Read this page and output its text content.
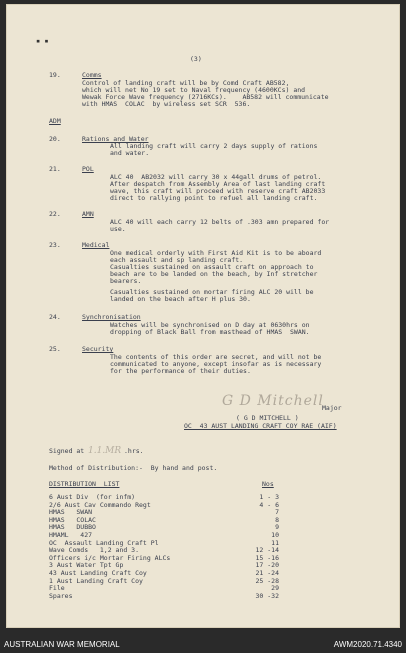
▪ ▪
(3)
19.	Comms
Control of landing craft will be by Comd Craft AB582,
which will net No 19 set to Naval frequency (4600KCs) and
Wewak Force Wave frequency (2716KCs).    AB582 will communicate
with HMAS  COLAC  by wireless set SCR  536.
ADM
20.	Rations and Water
All landing craft will carry 2 days supply of rations
and water.
21.	POL
ALC 40  AB2032 will carry 30 x 44gall drums of petrol.
After despatch from Assembly Area of last landing craft
wave, this craft will proceed with reserve craft AB2033
direct to rallying point to refuel all landing craft.
22.	AMN
ALC 40 will each carry 12 belts of .303 amn prepared for
use.
23.	Medical
One medical orderly with First Aid Kit is to be aboard
each assault and sp landing craft.
Casualties sustained on assault craft on approach to
beach are to be landed on the beach, by Inf stretcher
bearers.
Casualties sustained on mortar firing ALC 20 will be
landed on the beach after H plus 30.
24.	Synchronisation
Watches will be synchronised on D day at 0630hrs on
dropping of Black Ball from masthead of HMAS  SWAN.
25.	Security
The contents of this order are secret, and will not be
communicated to anyone, except insofar as is necessary
for the performance of their duties.
G D Mitchell
Major
( G D MITCHELL )
OC  43 AUST LANDING CRAFT COY RAE (AIF)
Signed at 1.1.MR .hrs.
Method of Distribution:-  By hand and post.
DISTRIBUTION  LIST	Nos
6 Aust Div  (for infm)	1 - 3
2/6 Aust Cav Commando Regt	4 - 6
HMAS   SWAN	7
HMAS   COLAC	8
HMAS   DUBBO	9
HMAML   427	10
OC  Assault Landing Craft Pl	11
Wave Comds   1,2 and 3.	12 -14
Officers i/c Mortar Firing ALCs	15 -16
3 Aust Water Tpt Gp	17 -20
43 Aust Landing Craft Coy	21 -24
1 Aust Landing Craft Coy	25 -28
File	29
Spares	30 -32
AUSTRALIAN WAR MEMORIAL	AWM2020.71.4340
